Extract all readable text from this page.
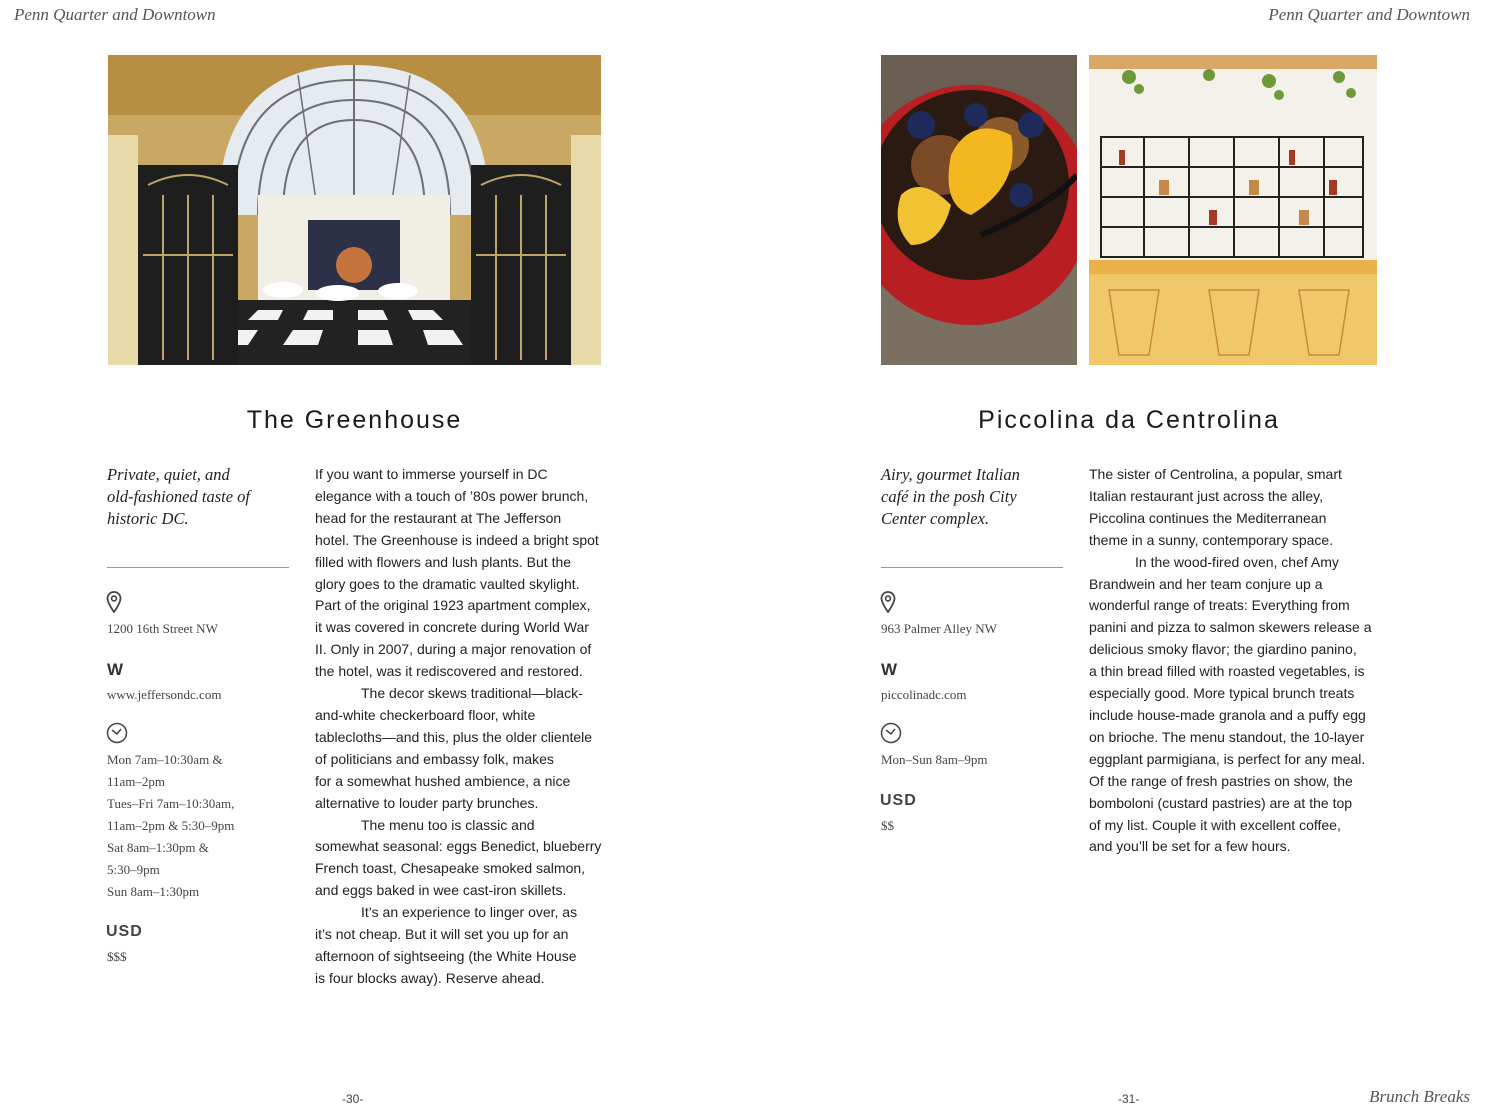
Penn Quarter and Downtown	Penn Quarter and Downtown
Brunch Breaks
-30-	-31-
The Greenhouse
Private, quiet, and
old-fashioned taste of
historic DC.
1200 16th Street NW
W
www.jeffersondc.com
Mon 7am–10:30am &
11am–2pm
Tues–Fri 7am–10:30am,
11am–2pm & 5:30–9pm
Sat 8am–1:30pm &
5:30–9pm
Sun 8am–1:30pm
USD
$$$

If you want to immerse yourself in DC
elegance with a touch of ’80s power brunch,
head for the restaurant at The Jefferson
hotel. The Greenhouse is indeed a bright spot
filled with flowers and lush plants. But the
glory goes to the dramatic vaulted skylight.
Part of the original 1923 apartment complex,
it was covered in concrete during World War
II. Only in 2007, during a major renovation of
the hotel, was it rediscovered and restored.

The decor skews traditional—black-
and-white checkerboard floor, white
tablecloths—and this, plus the older clientele
of politicians and embassy folk, makes
for a somewhat hushed ambience, a nice
alternative to louder party brunches.

The menu too is classic and
somewhat seasonal: eggs Benedict, blueberry
French toast, Chesapeake smoked salmon,
and eggs baked in wee cast-iron skillets.

It’s an experience to linger over, as
it’s not cheap. But it will set you up for an
afternoon of sightseeing (the White House
is four blocks away). Reserve ahead.

Piccolina da Centrolina
Airy, gourmet Italian
café in the posh City
Center complex.
963 Palmer Alley NW
W
piccolinadc.com
Mon–Sun 8am–9pm
USD
$$

The sister of Centrolina, a popular, smart
Italian restaurant just across the alley,
Piccolina continues the Mediterranean
theme in a sunny, contemporary space.

In the wood-fired oven, chef Amy
Brandwein and her team conjure up a
wonderful range of treats: Everything from
panini and pizza to salmon skewers release a
delicious smoky flavor; the giardino panino,
a thin bread filled with roasted vegetables, is
especially good. More typical brunch treats
include house-made granola and a puffy egg
on brioche. The menu standout, the 10-layer
eggplant parmigiana, is perfect for any meal.
Of the range of fresh pastries on show, the
bomboloni (custard pastries) are at the top
of my list. Couple it with excellent coffee,
and you’ll be set for a few hours.
